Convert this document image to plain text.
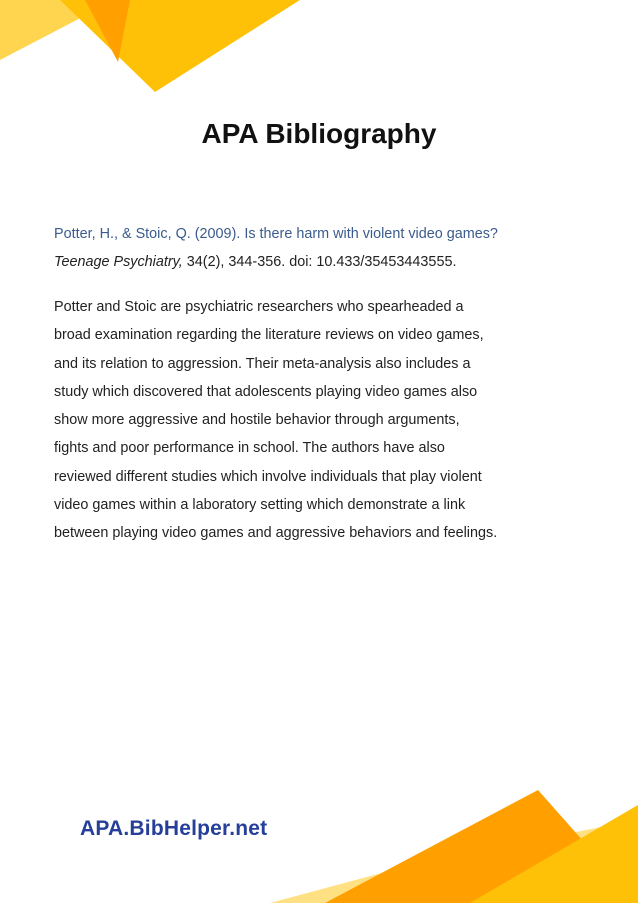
APA Bibliography
Potter, H., & Stoic, Q. (2009). Is there harm with violent video games?
Teenage Psychiatry, 34(2), 344-356. doi: 10.433/35453443555.
Potter and Stoic are psychiatric researchers who spearheaded a
broad examination regarding the literature reviews on video games,
and its relation to aggression. Their meta-analysis also includes a
study which discovered that adolescents playing video games also
show more aggressive and hostile behavior through arguments,
fights and poor performance in school. The authors have also
reviewed different studies which involve individuals that play violent
video games within a laboratory setting which demonstrate a link
between playing video games and aggressive behaviors and feelings.
APA.BibHelper.net
